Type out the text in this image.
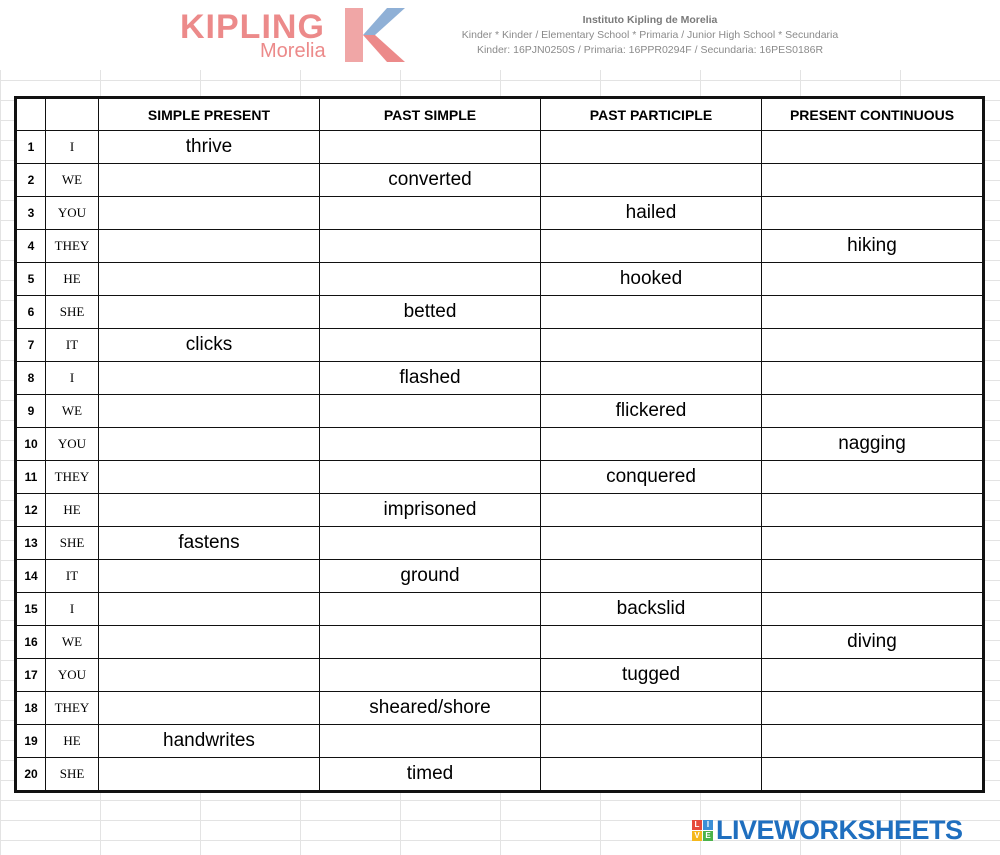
KIPLING
Morelia
Instituto Kipling de Morelia
Kinder * Kinder / Elementary School * Primaria / Junior High School * Secundaria
Kinder: 16PJN0250S / Primaria: 16PPR0294F / Secundaria: 16PES0186R
		SIMPLE PRESENT	PAST SIMPLE	PAST PARTICIPLE	PRESENT CONTINUOUS
1	I	thrive			
2	WE		converted		
3	YOU			hailed	
4	THEY				hiking
5	HE			hooked	
6	SHE		betted		
7	IT	clicks			
8	I		flashed		
9	WE			flickered	
10	YOU				nagging
11	THEY			conquered	
12	HE		imprisoned		
13	SHE	fastens			
14	IT		ground		
15	I			backslid	
16	WE				diving
17	YOU			tugged	
18	THEY		sheared/shore		
19	HE	handwrites			
20	SHE		timed		
L I
V E LIVEWORKSHEETS
